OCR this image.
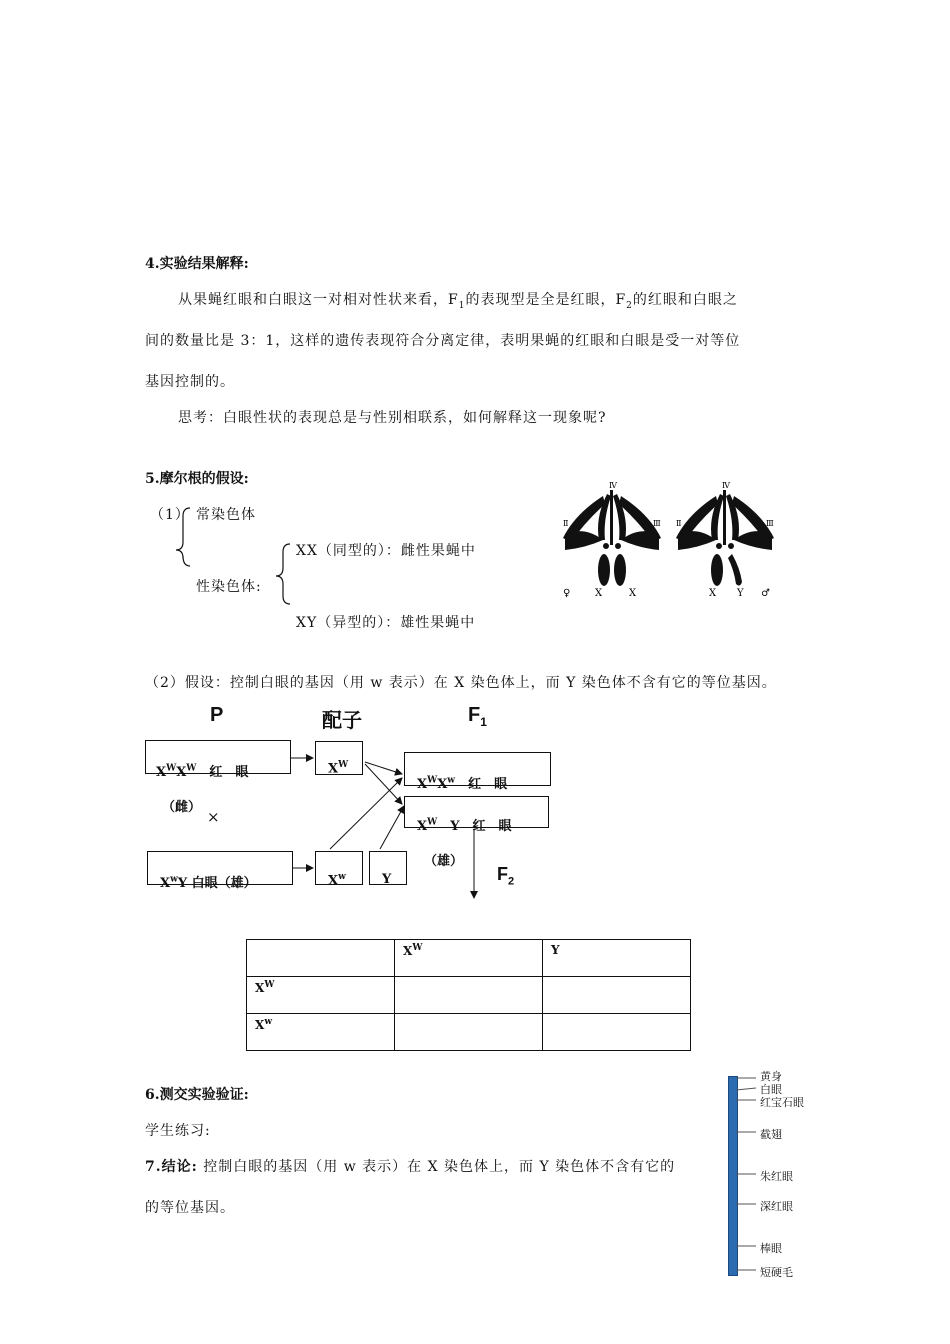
4.实验结果解释:
从果蝇红眼和白眼这一对相对性状来看，$F_1$的表现型是全是红眼，$F_2$的红眼和白眼之
间的数量比是 3：1，这样的遗传表现符合分离定律，表明果蝇的红眼和白眼是受一对等位
基因控制的。
思考：白眼性状的表现总是与性别相联系，如何解释这一现象呢?
5.摩尔根的假设:
（1） 常染色体
性染色体:
XX（同型的）：雌性果蝇中
XY（异型的）：雄性果蝇中
Ⅳ	Ⅳ
Ⅱ	Ⅲ Ⅱ	Ⅲ
♀ X	X	X Y ♂
（2）假设：控制白眼的基因（用 w 表示）在 X 染色体上，而 Y 染色体不含有它的等位基因。
P	配子	$F_1$
$X^WX^W$　 红　眼
（雌）
×
$X^W$
$X^WX^w$　 红　眼
$X^W$　 Y　 红　眼
（雄）
$X^wY$ 白眼（雄）	$X^w$	Y	$F_2$
	$X^W$	Y
$X^W$		
$X^w$		
6.测交实验验证:
学生练习:
7.结论: 控制白眼的基因（用 w 表示）在 X 染色体上，而 Y 染色体不含有它的
的等位基因。
黄身
白眼
红宝石眼
截翅
朱红眼
深红眼
棒眼
短硬毛
